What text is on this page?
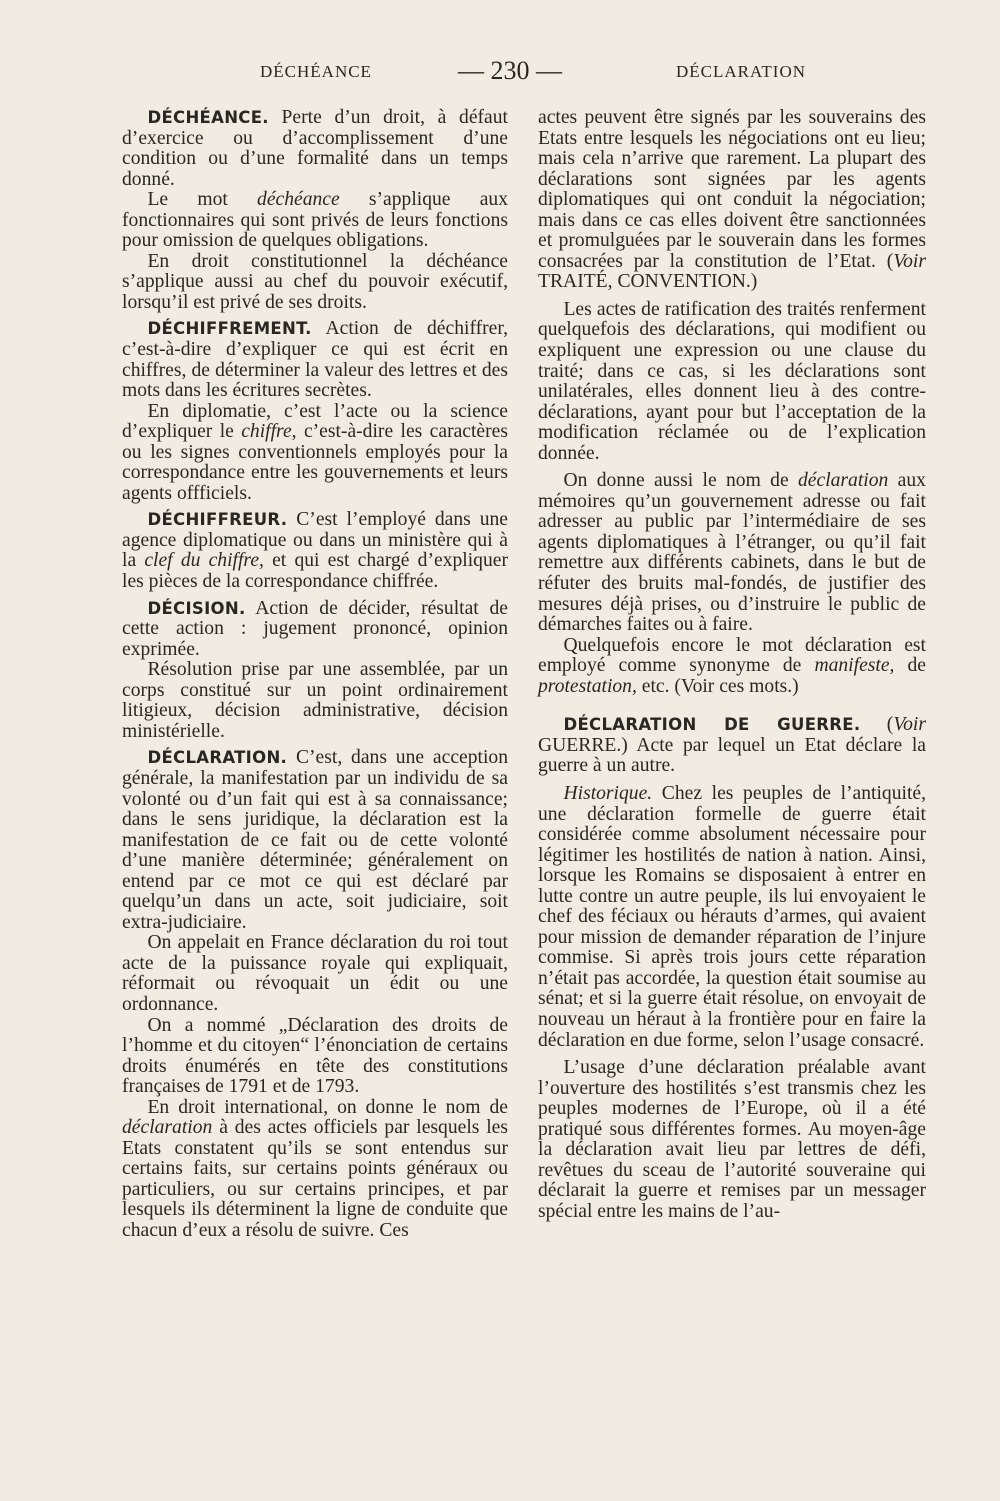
DÉCHÉANCE	— 230 —	DÉCLARATION

DÉCHÉANCE. Perte d’un droit, à défaut d’exercice ou d’accomplissement d’une condition ou d’une formalité dans un temps donné.

Le mot déchéance s’applique aux fonctionnaires qui sont privés de leurs fonctions pour omission de quelques obligations.

En droit constitutionnel la déchéance s’applique aussi au chef du pouvoir exécutif, lorsqu’il est privé de ses droits.

DÉCHIFFREMENT. Action de déchiffrer, c’est-à-dire d’expliquer ce qui est écrit en chiffres, de déterminer la valeur des lettres et des mots dans les écritures secrètes.

En diplomatie, c’est l’acte ou la science d’expliquer le chiffre, c’est-à-dire les caractères ou les signes conventionnels employés pour la correspondance entre les gouvernements et leurs agents offficiels.

DÉCHIFFREUR. C’est l’employé dans une agence diplomatique ou dans un ministère qui à la clef du chiffre, et qui est chargé d’expliquer les pièces de la correspondance chiffrée.

DÉCISION. Action de décider, résultat de cette action : jugement prononcé, opinion exprimée.

Résolution prise par une assemblée, par un corps constitué sur un point ordinairement litigieux, décision administrative, décision ministérielle.

DÉCLARATION. C’est, dans une acception générale, la manifestation par un individu de sa volonté ou d’un fait qui est à sa connaissance; dans le sens juridique, la déclaration est la manifestation de ce fait ou de cette volonté d’une manière déterminée; généralement on entend par ce mot ce qui est déclaré par quelqu’un dans un acte, soit judiciaire, soit extra-judiciaire.

On appelait en France déclaration du roi tout acte de la puissance royale qui expliquait, réformait ou révoquait un édit ou une ordonnance.

On a nommé „Déclaration des droits de l’homme et du citoyen“ l’énonciation de certains droits énumérés en tête des constitutions françaises de 1791 et de 1793.

En droit international, on donne le nom de déclaration à des actes officiels par lesquels les Etats constatent qu’ils se sont entendus sur certains faits, sur certains points généraux ou particuliers, ou sur certains principes, et par lesquels ils déterminent la ligne de conduite que chacun d’eux a résolu de suivre. Ces

actes peuvent être signés par les souverains des Etats entre lesquels les négociations ont eu lieu; mais cela n’arrive que rarement. La plupart des déclarations sont signées par les agents diplomatiques qui ont conduit la négociation; mais dans ce cas elles doivent être sanctionnées et promulguées par le souverain dans les formes consacrées par la constitution de l’Etat. (Voir TRAITÉ, CONVENTION.)

Les actes de ratification des traités renferment quelquefois des déclarations, qui modifient ou expliquent une expression ou une clause du traité; dans ce cas, si les déclarations sont unilatérales, elles donnent lieu à des contre-déclarations, ayant pour but l’acceptation de la modification réclamée ou de l’explication donnée.

On donne aussi le nom de déclaration aux mémoires qu’un gouvernement adresse ou fait adresser au public par l’intermédiaire de ses agents diplomatiques à l’étranger, ou qu’il fait remettre aux différents cabinets, dans le but de réfuter des bruits mal-fondés, de justifier des mesures déjà prises, ou d’instruire le public de démarches faites ou à faire.

Quelquefois encore le mot déclaration est employé comme synonyme de manifeste, de protestation, etc. (Voir ces mots.)

DÉCLARATION DE GUERRE. (Voir GUERRE.) Acte par lequel un Etat déclare la guerre à un autre.

Historique. Chez les peuples de l’antiquité, une déclaration formelle de guerre était considérée comme absolument nécessaire pour légitimer les hostilités de nation à nation. Ainsi, lorsque les Romains se disposaient à entrer en lutte contre un autre peuple, ils lui envoyaient le chef des féciaux ou hérauts d’armes, qui avaient pour mission de demander réparation de l’injure commise. Si après trois jours cette réparation n’était pas accordée, la question était soumise au sénat; et si la guerre était résolue, on envoyait de nouveau un héraut à la frontière pour en faire la déclaration en due forme, selon l’usage consacré.

L’usage d’une déclaration préalable avant l’ouverture des hostilités s’est transmis chez les peuples modernes de l’Europe, où il a été pratiqué sous différentes formes. Au moyen-âge la déclaration avait lieu par lettres de défi, revêtues du sceau de l’autorité souveraine qui déclarait la guerre et remises par un messager spécial entre les mains de l’au-
